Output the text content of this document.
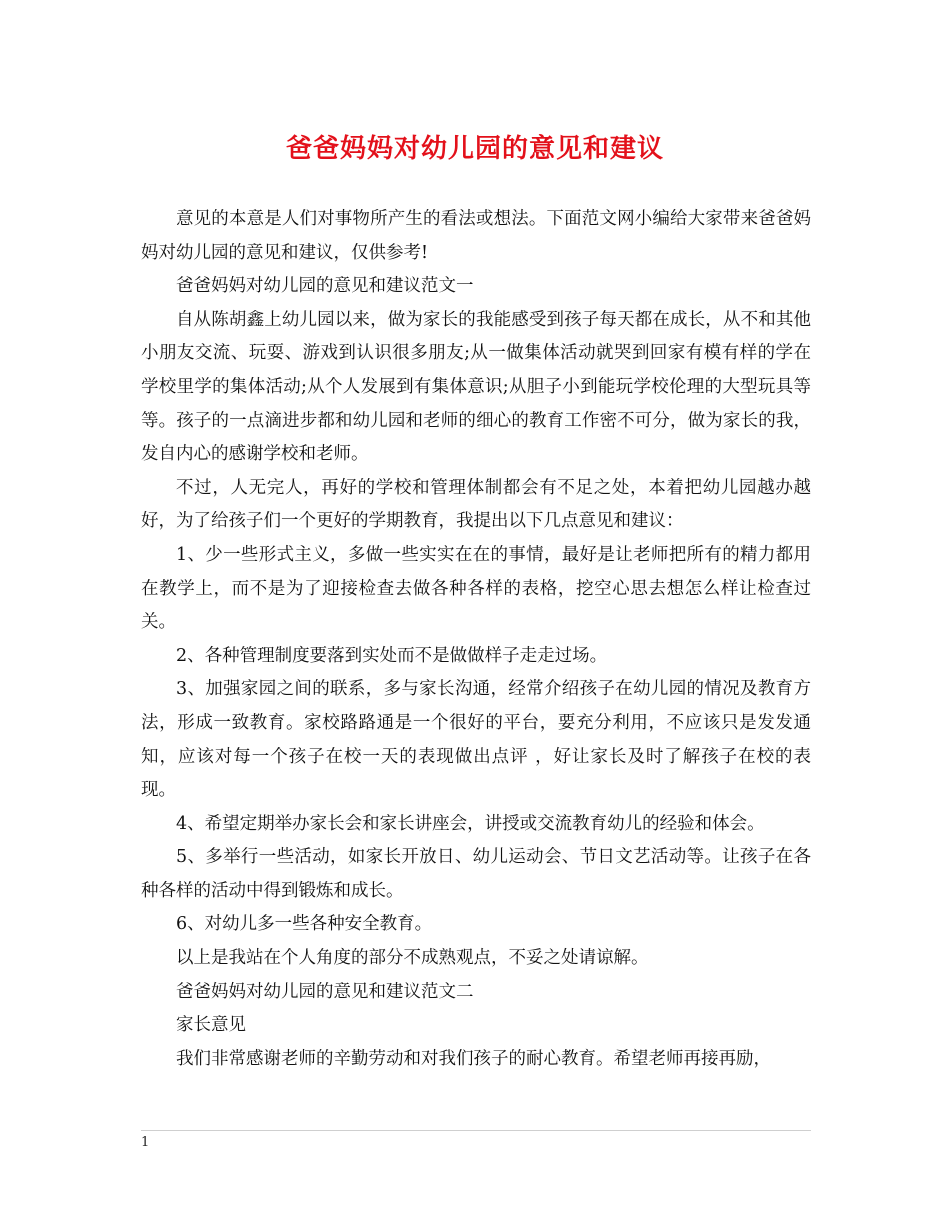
爸爸妈妈对幼儿园的意见和建议

意见的本意是人们对事物所产生的看法或想法。下面范文网小编给大家带来爸爸妈妈对幼儿园的意见和建议，仅供参考!

爸爸妈妈对幼儿园的意见和建议范文一

自从陈胡鑫上幼儿园以来，做为家长的我能感受到孩子每天都在成长，从不和其他小朋友交流、玩耍、游戏到认识很多朋友;从一做集体活动就哭到回家有模有样的学在学校里学的集体活动;从个人发展到有集体意识;从胆子小到能玩学校伦理的大型玩具等等。孩子的一点滴进步都和幼儿园和老师的细心的教育工作密不可分，做为家长的我，发自内心的感谢学校和老师。

不过，人无完人，再好的学校和管理体制都会有不足之处，本着把幼儿园越办越好，为了给孩子们一个更好的学期教育，我提出以下几点意见和建议：

1、少一些形式主义，多做一些实实在在的事情，最好是让老师把所有的精力都用在教学上，而不是为了迎接检查去做各种各样的表格，挖空心思去想怎么样让检查过关。

2、各种管理制度要落到实处而不是做做样子走走过场。

3、加强家园之间的联系，多与家长沟通，经常介绍孩子在幼儿园的情况及教育方法，形成一致教育。家校路路通是一个很好的平台，要充分利用，不应该只是发发通知，应该对每一个孩子在校一天的表现做出点评 ，好让家长及时了解孩子在校的表现。

4、希望定期举办家长会和家长讲座会，讲授或交流教育幼儿的经验和体会。

5、多举行一些活动，如家长开放日、幼儿运动会、节日文艺活动等。让孩子在各种各样的活动中得到锻炼和成长。

6、对幼儿多一些各种安全教育。

以上是我站在个人角度的部分不成熟观点，不妥之处请谅解。

爸爸妈妈对幼儿园的意见和建议范文二

家长意见

我们非常感谢老师的辛勤劳动和对我们孩子的耐心教育。希望老师再接再励，

1
